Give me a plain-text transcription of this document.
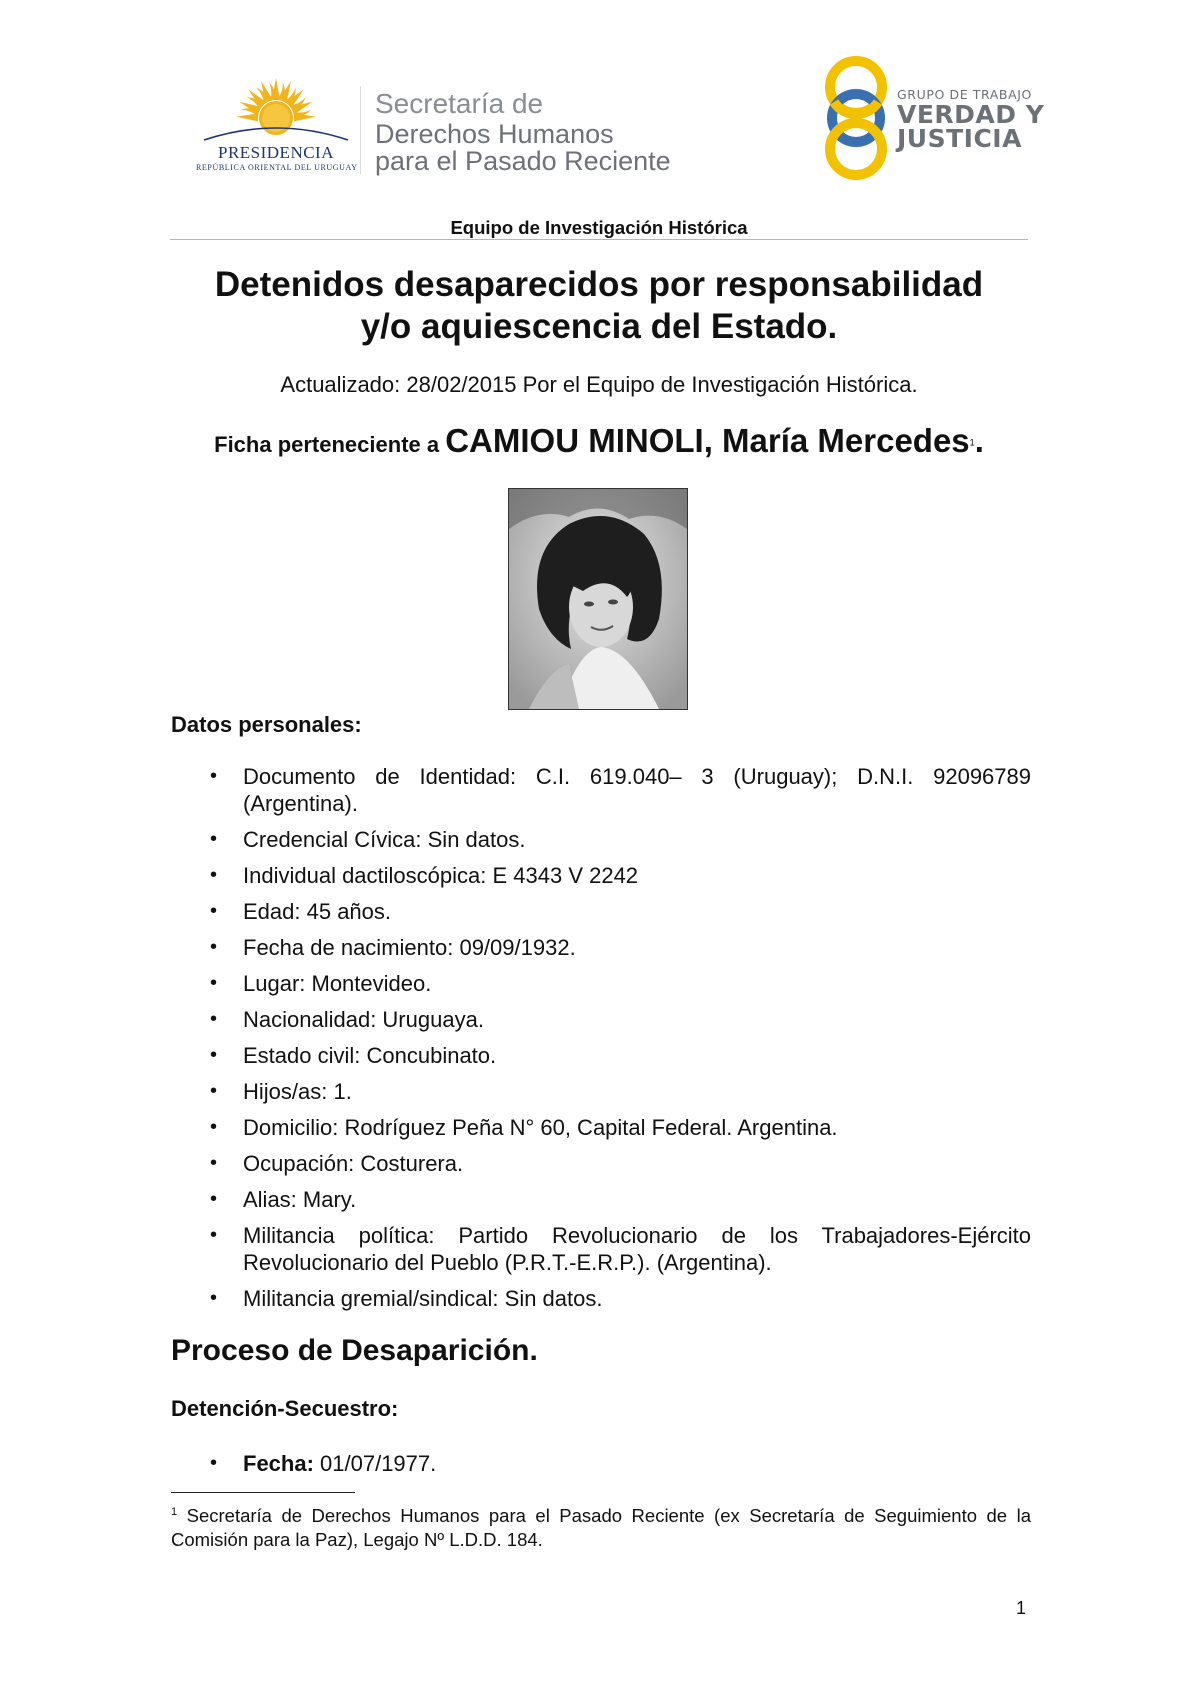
PRESIDENCIA
REPÚBLICA ORIENTAL DEL URUGUAY
Secretaría de
Derechos Humanos
para el Pasado Reciente
GRUPO DE TRABAJO
VERDAD Y
JUSTICIA
Equipo de Investigación Histórica
Detenidos desaparecidos por responsabilidad
y/o aquiescencia del Estado.
Actualizado: 28/02/2015 Por el Equipo de Investigación Histórica.
Ficha perteneciente a CAMIOU MINOLI, María Mercedes$^1$.
Datos personales:
• Documento de Identidad: C.I. 619.040– 3 (Uruguay); D.N.I. 92096789 (Argentina).
• Credencial Cívica: Sin datos.
• Individual dactiloscópica: E 4343 V 2242
• Edad: 45 años.
• Fecha de nacimiento: 09/09/1932.
• Lugar: Montevideo.
• Nacionalidad: Uruguaya.
• Estado civil: Concubinato.
• Hijos/as: 1.
• Domicilio: Rodríguez Peña N° 60, Capital Federal. Argentina.
• Ocupación: Costurera.
• Alias: Mary.
• Militancia política: Partido Revolucionario de los Trabajadores-Ejército Revolucionario del Pueblo (P.R.T.-E.R.P.). (Argentina).
• Militancia gremial/sindical: Sin datos.
Proceso de Desaparición.
Detención-Secuestro:
• Fecha: 01/07/1977.
$^1$ Secretaría de Derechos Humanos para el Pasado Reciente (ex Secretaría de Seguimiento de la Comisión para la Paz), Legajo Nº L.D.D. 184.
1
